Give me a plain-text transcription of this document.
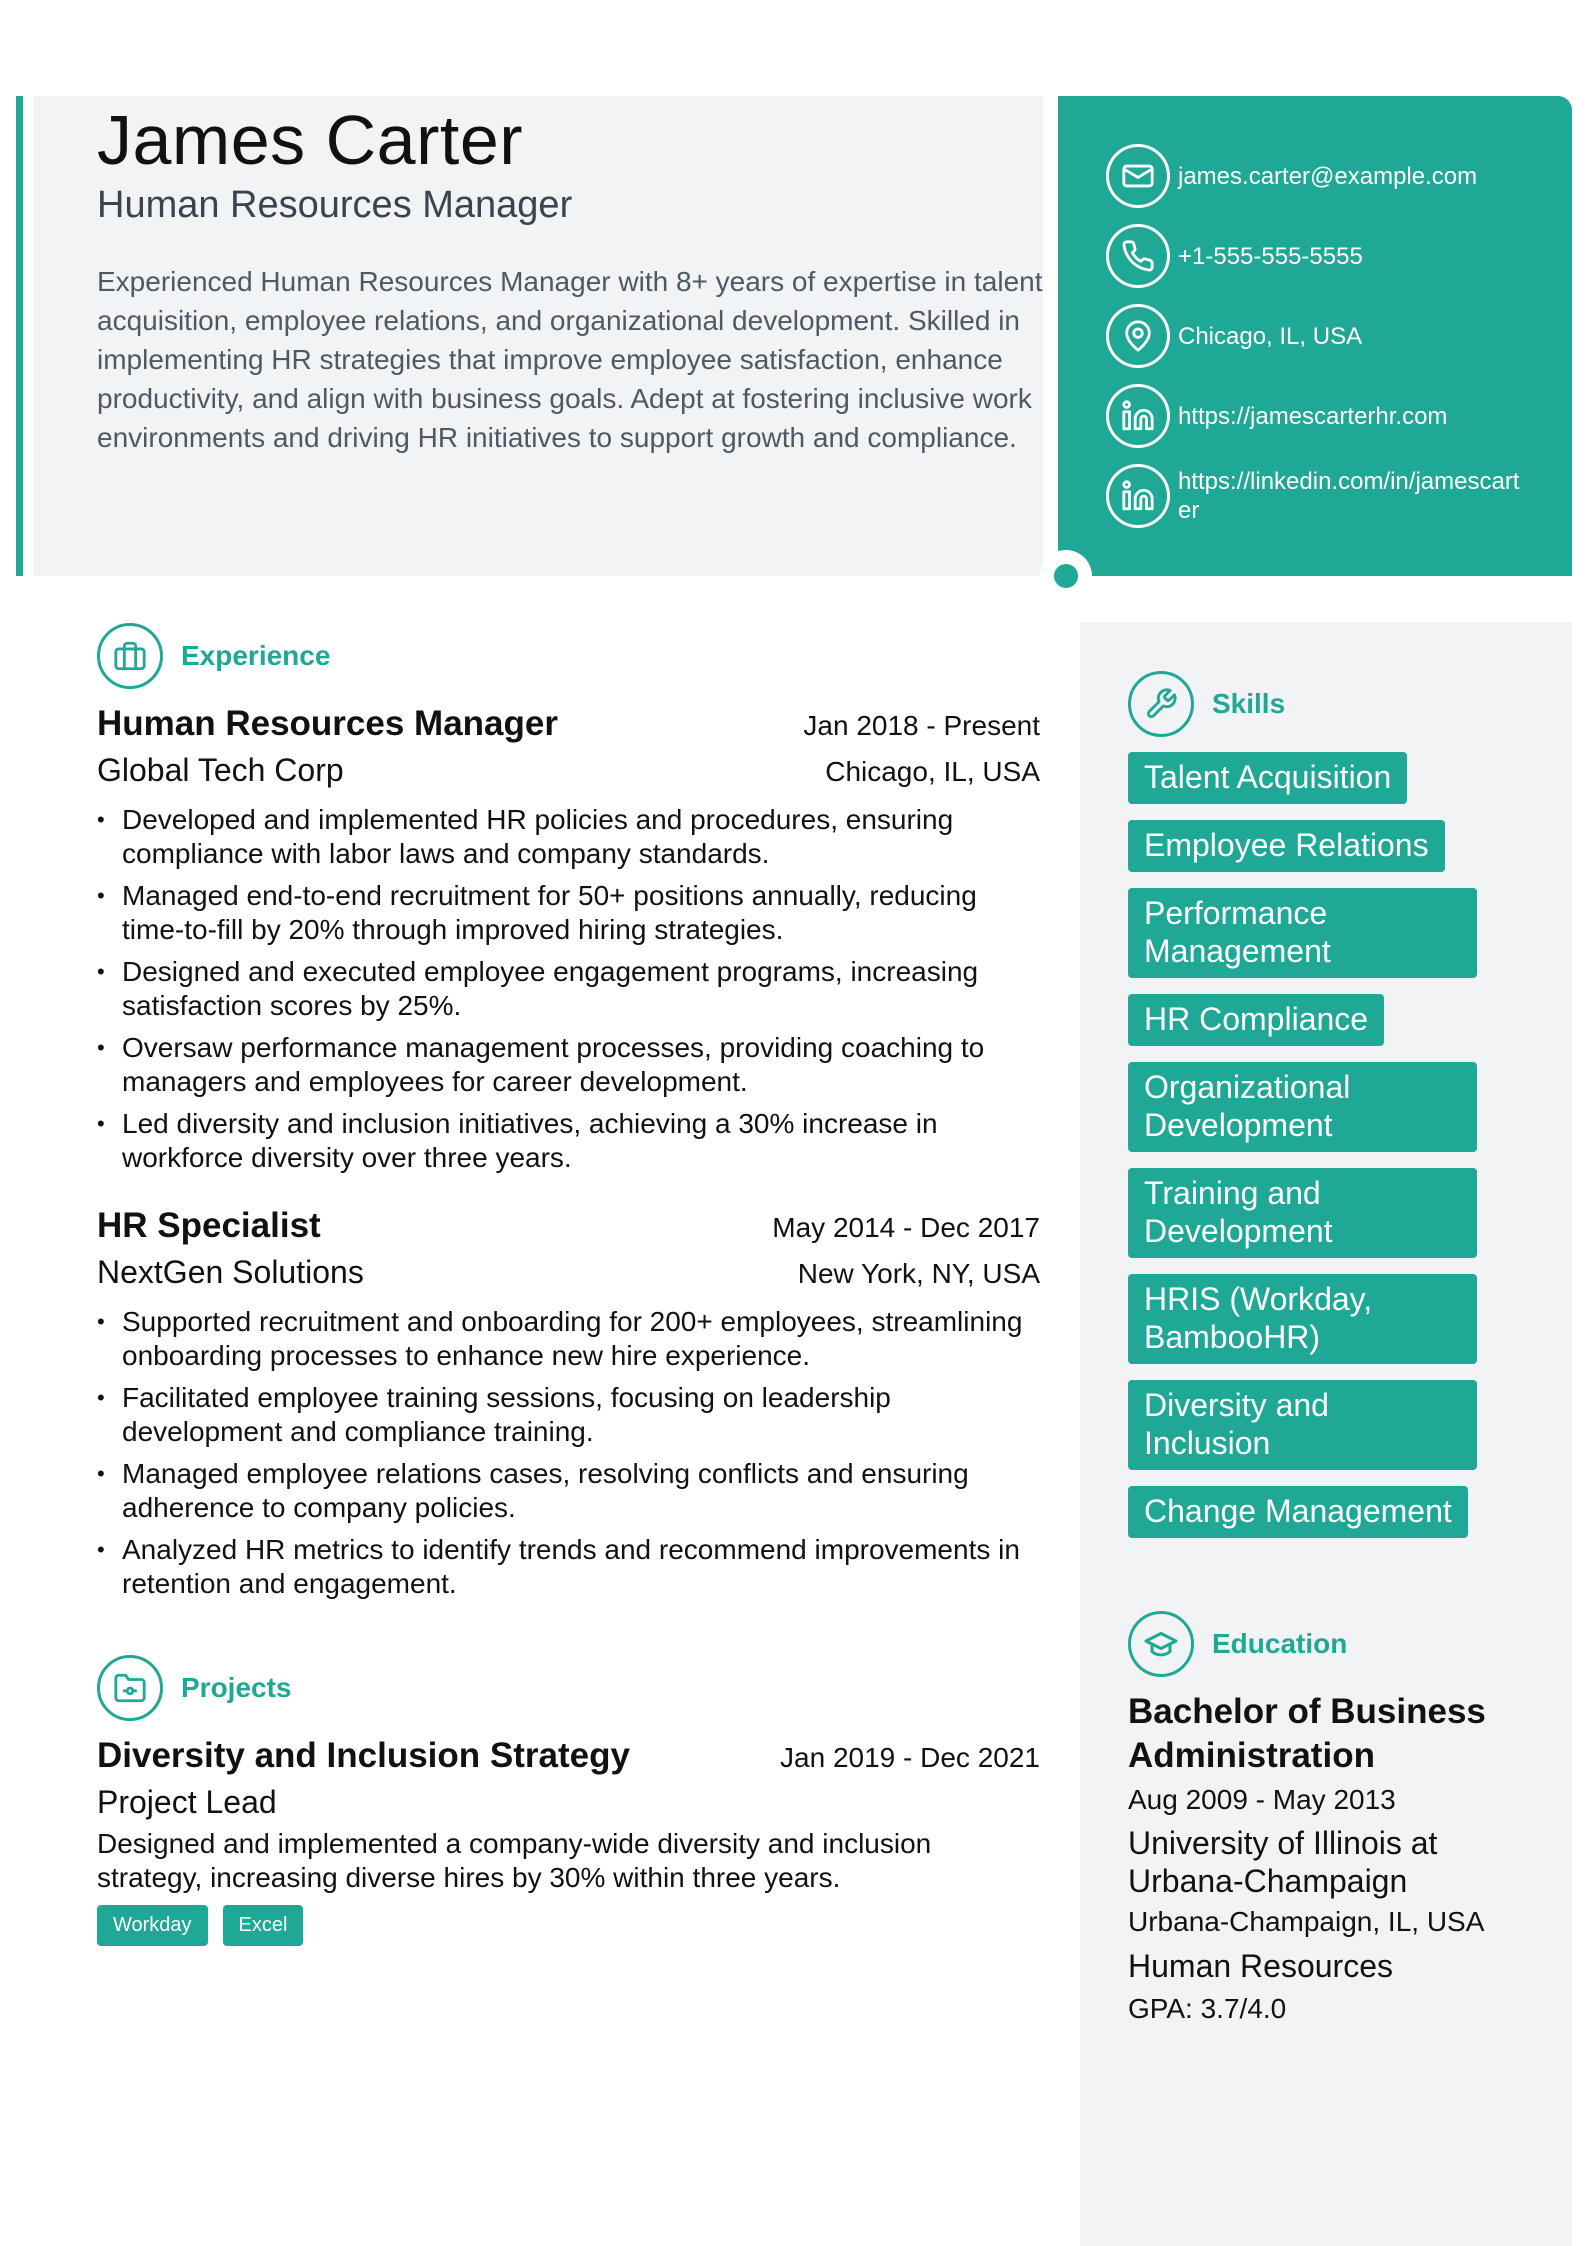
James Carter
Human Resources Manager
Experienced Human Resources Manager with 8+ years of expertise in talent acquisition, employee relations, and organizational development. Skilled in implementing HR strategies that improve employee satisfaction, enhance productivity, and align with business goals. Adept at fostering inclusive work environments and driving HR initiatives to support growth and compliance.
james.carter@example.com
+1-555-555-5555
Chicago, IL, USA
https://jamescarterhr.com
https://linkedin.com/in/jamescarter
Skills
Talent Acquisition
Employee Relations
Performance Management
HR Compliance
Organizational Development
Training and Development
HRIS (Workday, BambooHR)
Diversity and Inclusion
Change Management
Education
Bachelor of Business Administration
Aug 2009 - May 2013
University of Illinois at Urbana-Champaign
Urbana-Champaign, IL, USA
Human Resources
GPA: 3.7/4.0
Experience
Human Resources Manager	Jan 2018 - Present
Global Tech Corp	Chicago, IL, USA
• Developed and implemented HR policies and procedures, ensuring compliance with labor laws and company standards.
• Managed end-to-end recruitment for 50+ positions annually, reducing time-to-fill by 20% through improved hiring strategies.
• Designed and executed employee engagement programs, increasing satisfaction scores by 25%.
• Oversaw performance management processes, providing coaching to managers and employees for career development.
• Led diversity and inclusion initiatives, achieving a 30% increase in workforce diversity over three years.
HR Specialist	May 2014 - Dec 2017
NextGen Solutions	New York, NY, USA
• Supported recruitment and onboarding for 200+ employees, streamlining onboarding processes to enhance new hire experience.
• Facilitated employee training sessions, focusing on leadership development and compliance training.
• Managed employee relations cases, resolving conflicts and ensuring adherence to company policies.
• Analyzed HR metrics to identify trends and recommend improvements in retention and engagement.
Projects
Diversity and Inclusion Strategy	Jan 2019 - Dec 2021
Project Lead
Designed and implemented a company-wide diversity and inclusion strategy, increasing diverse hires by 30% within three years.
Workday	Excel
